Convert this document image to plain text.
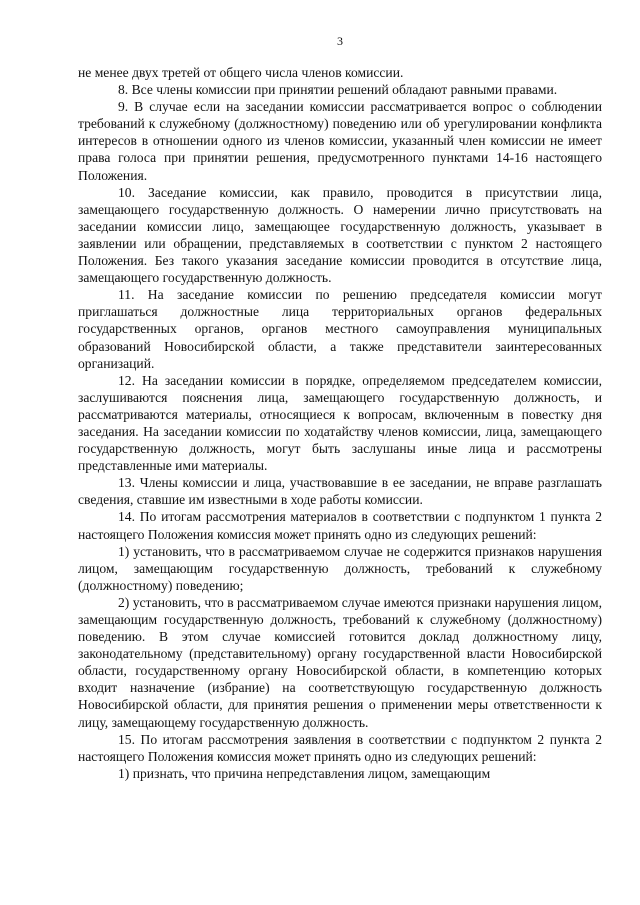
3

не менее двух третей от общего числа членов комиссии.

8. Все члены комиссии при принятии решений обладают равными правами.

9. В случае если на заседании комиссии рассматривается вопрос о соблюдении требований к служебному (должностному) поведению или об урегулировании конфликта интересов в отношении одного из членов комиссии, указанный член комиссии не имеет права голоса при принятии решения, предусмотренного пунктами 14-16 настоящего Положения.

10. Заседание комиссии, как правило, проводится в присутствии лица, замещающего государственную должность. О намерении лично присутствовать на заседании комиссии лицо, замещающее государственную должность, указывает в заявлении или обращении, представляемых в соответствии с пунктом 2 настоящего Положения. Без такого указания заседание комиссии проводится в отсутствие лица, замещающего государственную должность.

11. На заседание комиссии по решению председателя комиссии могут приглашаться должностные лица территориальных органов федеральных государственных органов, органов местного самоуправления муниципальных образований Новосибирской области, а также представители заинтересованных организаций.

12. На заседании комиссии в порядке, определяемом председателем комиссии, заслушиваются пояснения лица, замещающего государственную должность, и рассматриваются материалы, относящиеся к вопросам, включенным в повестку дня заседания. На заседании комиссии по ходатайству членов комиссии, лица, замещающего государственную должность, могут быть заслушаны иные лица и рассмотрены представленные ими материалы.

13. Члены комиссии и лица, участвовавшие в ее заседании, не вправе разглашать сведения, ставшие им известными в ходе работы комиссии.

14. По итогам рассмотрения материалов в соответствии с подпунктом 1 пункта 2 настоящего Положения комиссия может принять одно из следующих решений:

1) установить, что в рассматриваемом случае не содержится признаков нарушения лицом, замещающим государственную должность, требований к служебному (должностному) поведению;

2) установить, что в рассматриваемом случае имеются признаки нарушения лицом, замещающим государственную должность, требований к служебному (должностному) поведению. В этом случае комиссией готовится доклад должностному лицу, законодательному (представительному) органу государственной власти Новосибирской области, государственному органу Новосибирской области, в компетенцию которых входит назначение (избрание) на соответствующую государственную должность Новосибирской области, для принятия решения о применении меры ответственности к лицу, замещающему государственную должность.

15. По итогам рассмотрения заявления в соответствии с подпунктом 2 пункта 2 настоящего Положения комиссия может принять одно из следующих решений:

1) признать, что причина непредставления лицом, замещающим
